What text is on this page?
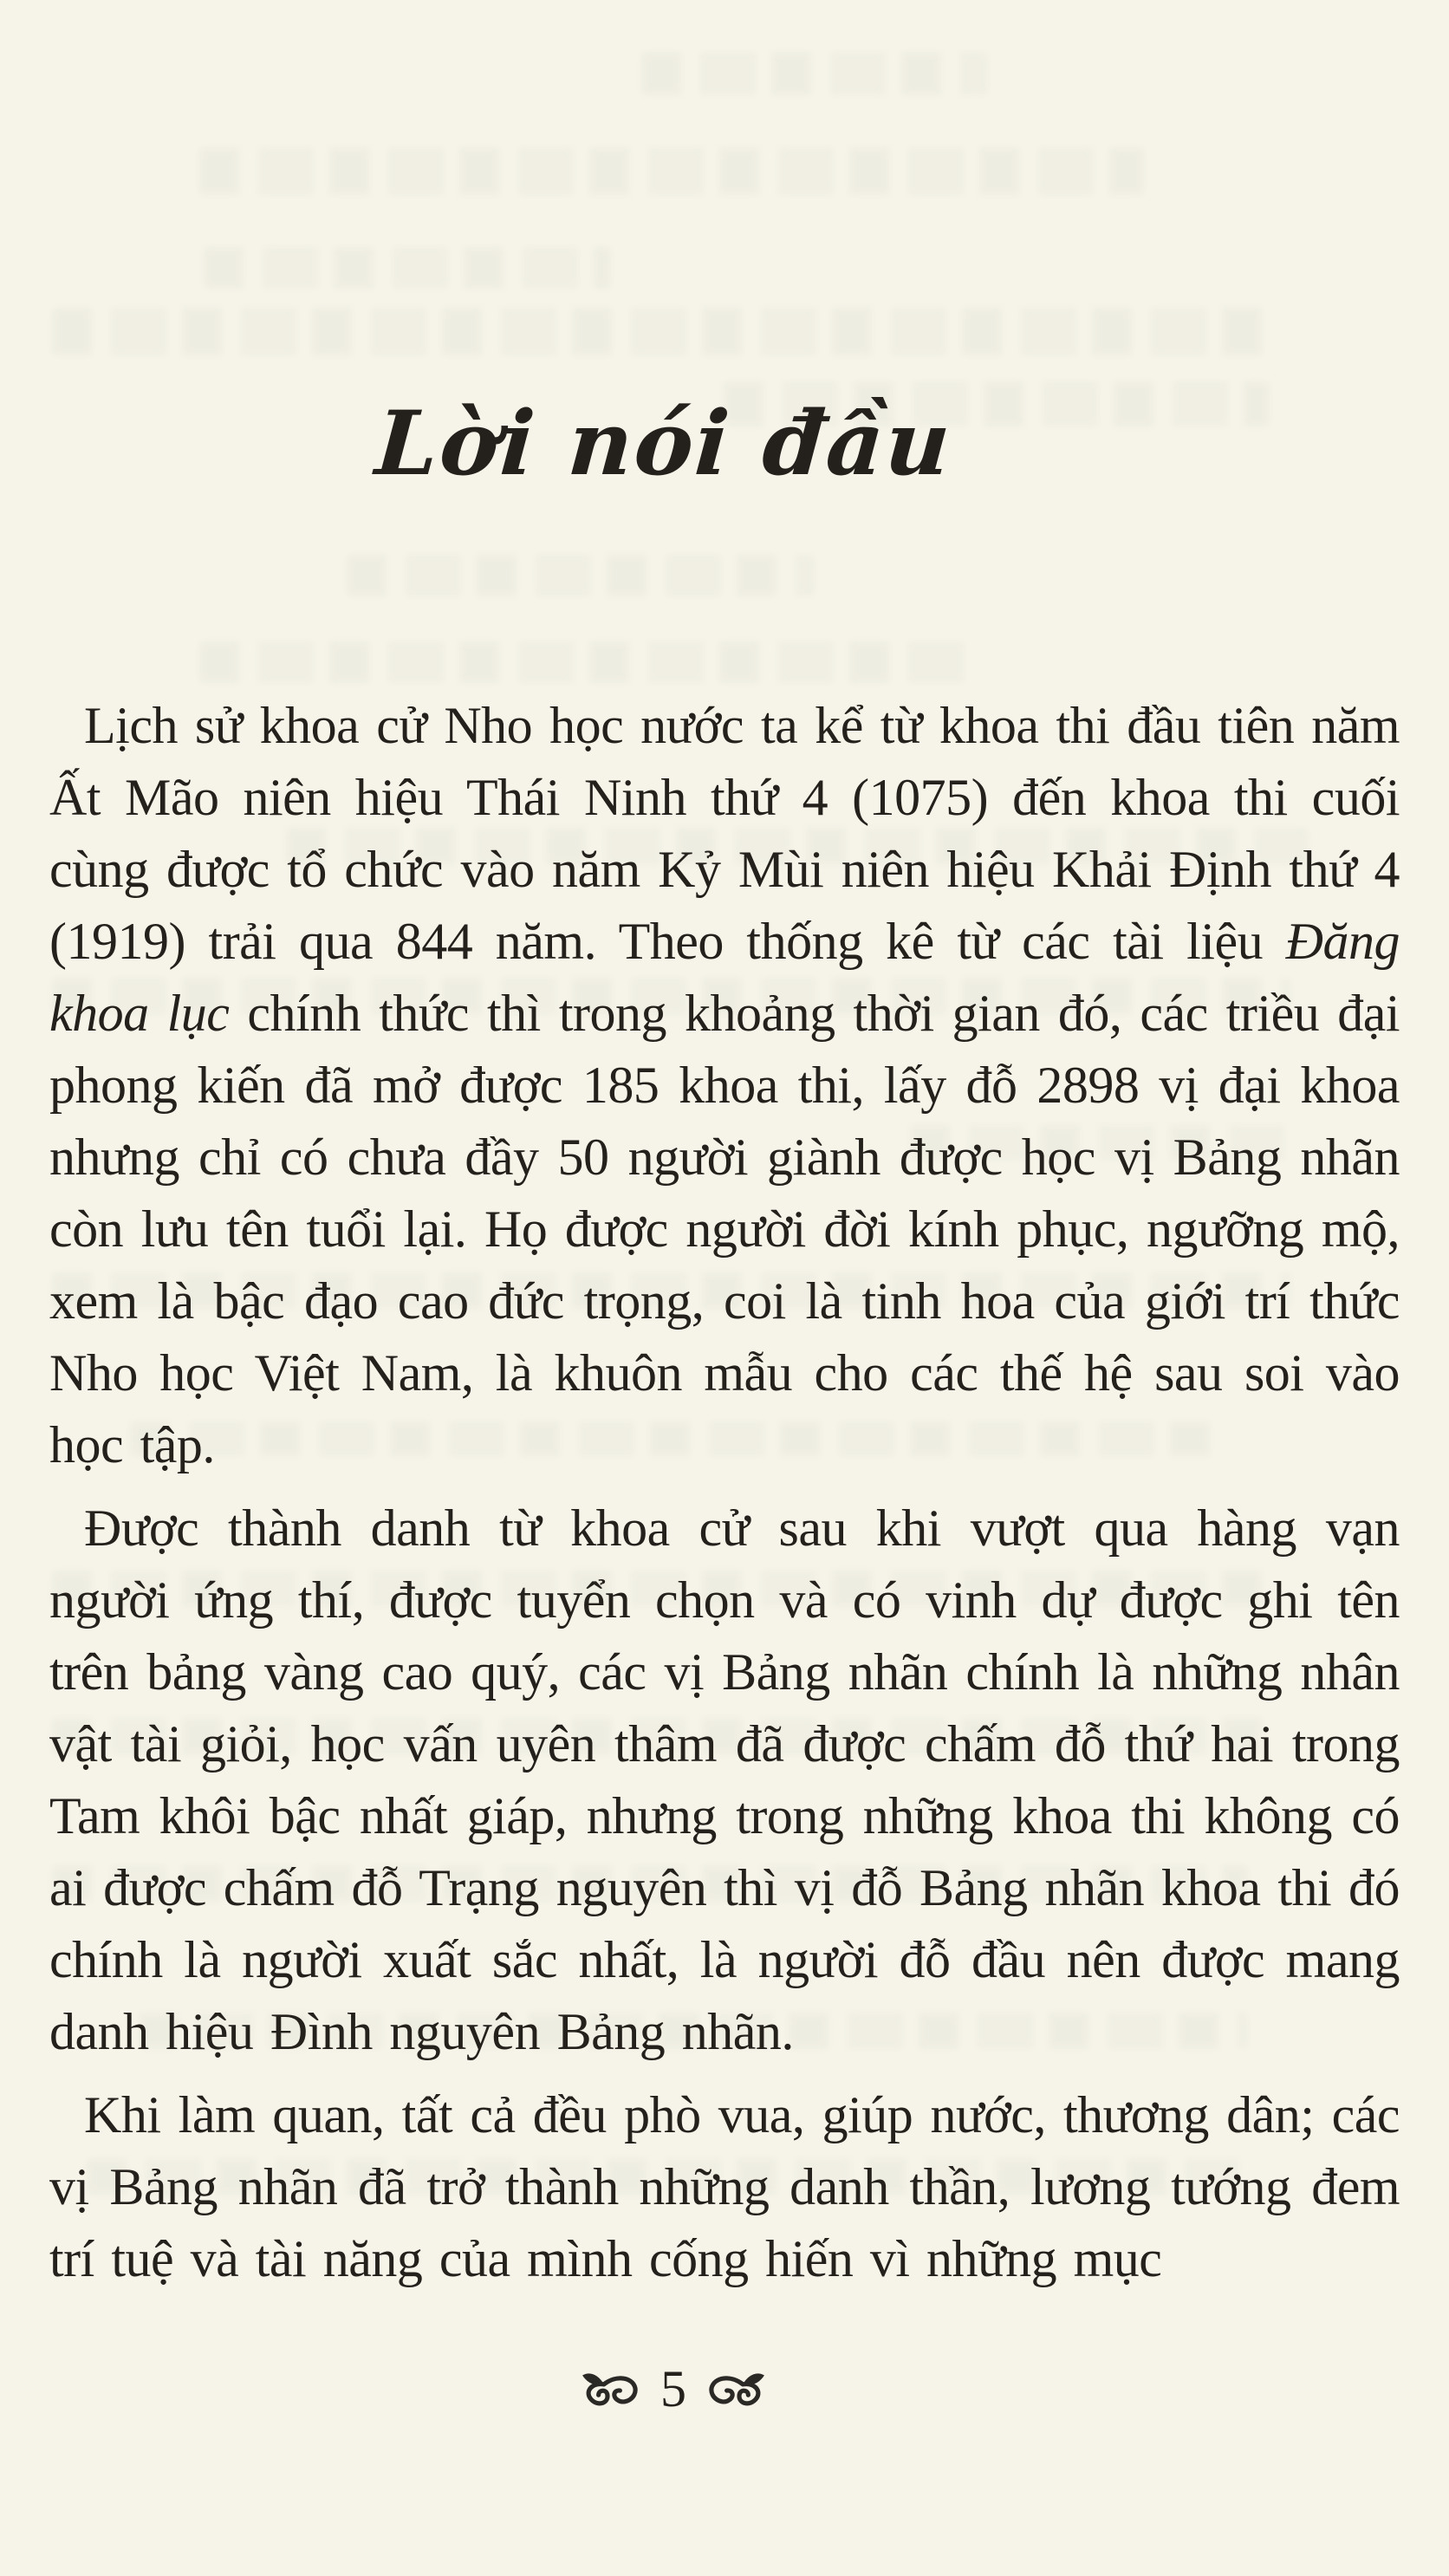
Lời nói đầu

Lịch sử khoa cử Nho học nước ta kể từ khoa thi đầu tiên năm Ất Mão niên hiệu Thái Ninh thứ 4 (1075) đến khoa thi cuối cùng được tổ chức vào năm Kỷ Mùi niên hiệu Khải Định thứ 4 (1919) trải qua 844 năm. Theo thống kê từ các tài liệu Đăng khoa lục chính thức thì trong khoảng thời gian đó, các triều đại phong kiến đã mở được 185 khoa thi, lấy đỗ 2898 vị đại khoa nhưng chỉ có chưa đầy 50 người giành được học vị Bảng nhãn còn lưu tên tuổi lại. Họ được người đời kính phục, ngưỡng mộ, xem là bậc đạo cao đức trọng, coi là tinh hoa của giới trí thức Nho học Việt Nam, là khuôn mẫu cho các thế hệ sau soi vào học tập.

Được thành danh từ khoa cử sau khi vượt qua hàng vạn người ứng thí, được tuyển chọn và có vinh dự được ghi tên trên bảng vàng cao quý, các vị Bảng nhãn chính là những nhân vật tài giỏi, học vấn uyên thâm đã được chấm đỗ thứ hai trong Tam khôi bậc nhất giáp, nhưng trong những khoa thi không có ai được chấm đỗ Trạng nguyên thì vị đỗ Bảng nhãn khoa thi đó chính là người xuất sắc nhất, là người đỗ đầu nên được mang danh hiệu Đình nguyên Bảng nhãn.

Khi làm quan, tất cả đều phò vua, giúp nước, thương dân; các vị Bảng nhãn đã trở thành những danh thần, lương tướng đem trí tuệ và tài năng của mình cống hiến vì những mục

5
